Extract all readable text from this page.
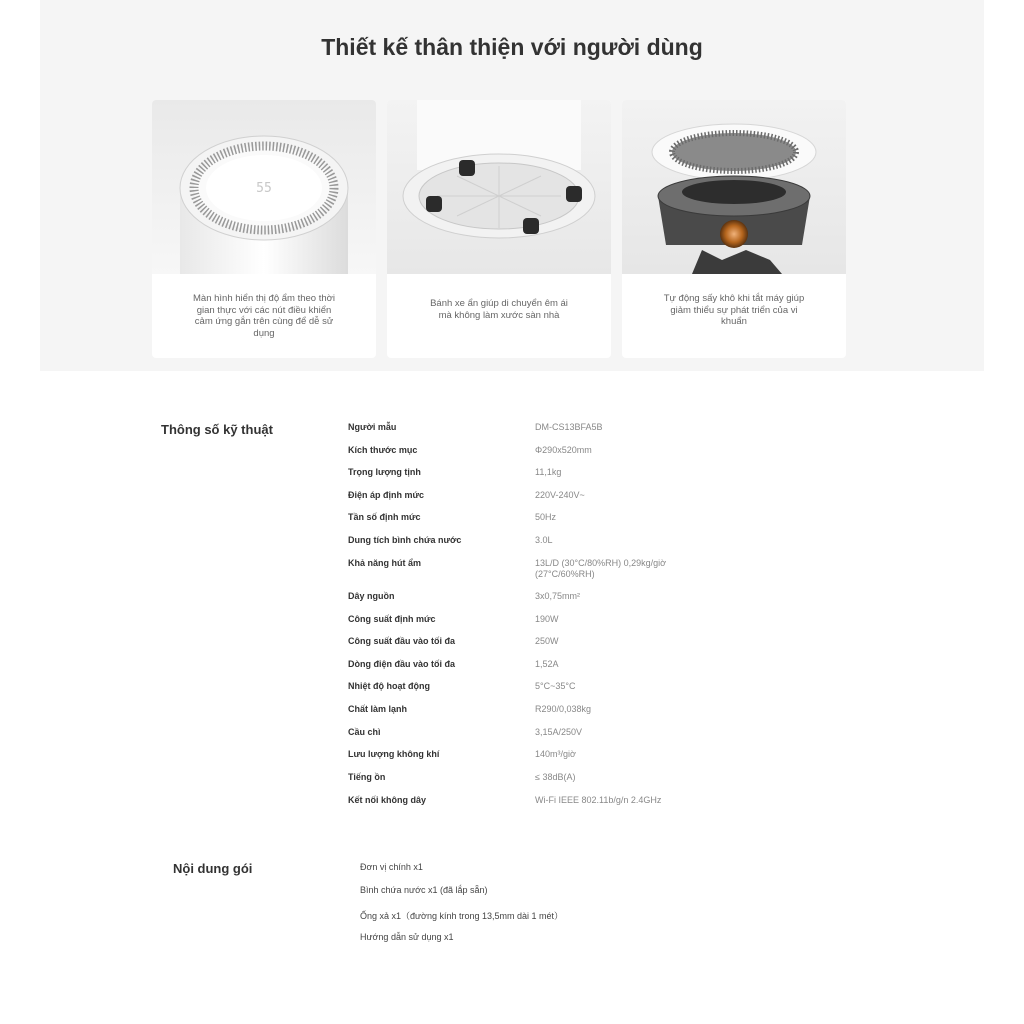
Thiết kế thân thiện với người dùng
55

Màn hình hiển thị độ ẩm theo thời gian thực với các nút điều khiển cảm ứng gắn trên cùng để dễ sử dụng

Bánh xe ẩn giúp di chuyển êm ái mà không làm xước sàn nhà

Tự động sấy khô khi tắt máy giúp giảm thiểu sự phát triển của vi khuẩn

Thông số kỹ thuật	Người mẫu	DM-CS13BFA5B
Kích thước mục	Φ290x520mm
Trọng lượng tịnh	11,1kg
Điện áp định mức	220V-240V~
Tần số định mức	50Hz
Dung tích bình chứa nước	3.0L
Khả năng hút ẩm	13L/D (30°C/80%RH) 0,29kg/giờ (27°C/60%RH)
Dây nguồn	3x0,75mm²
Công suất định mức	190W
Công suất đầu vào tối đa	250W
Dòng điện đầu vào tối đa	1,52A
Nhiệt độ hoạt động	5°C~35°C
Chất làm lạnh	R290/0,038kg
Cầu chì	3,15A/250V
Lưu lượng không khí	140m³/giờ
Tiếng ồn	≤ 38dB(A)
Kết nối không dây	Wi-Fi IEEE 802.11b/g/n 2.4GHz
Nội dung gói	Đơn vị chính x1
Bình chứa nước x1 (đã lắp sẵn)
Ống xả x1（đường kính trong 13,5mm dài 1 mét）
Hướng dẫn sử dụng x1
